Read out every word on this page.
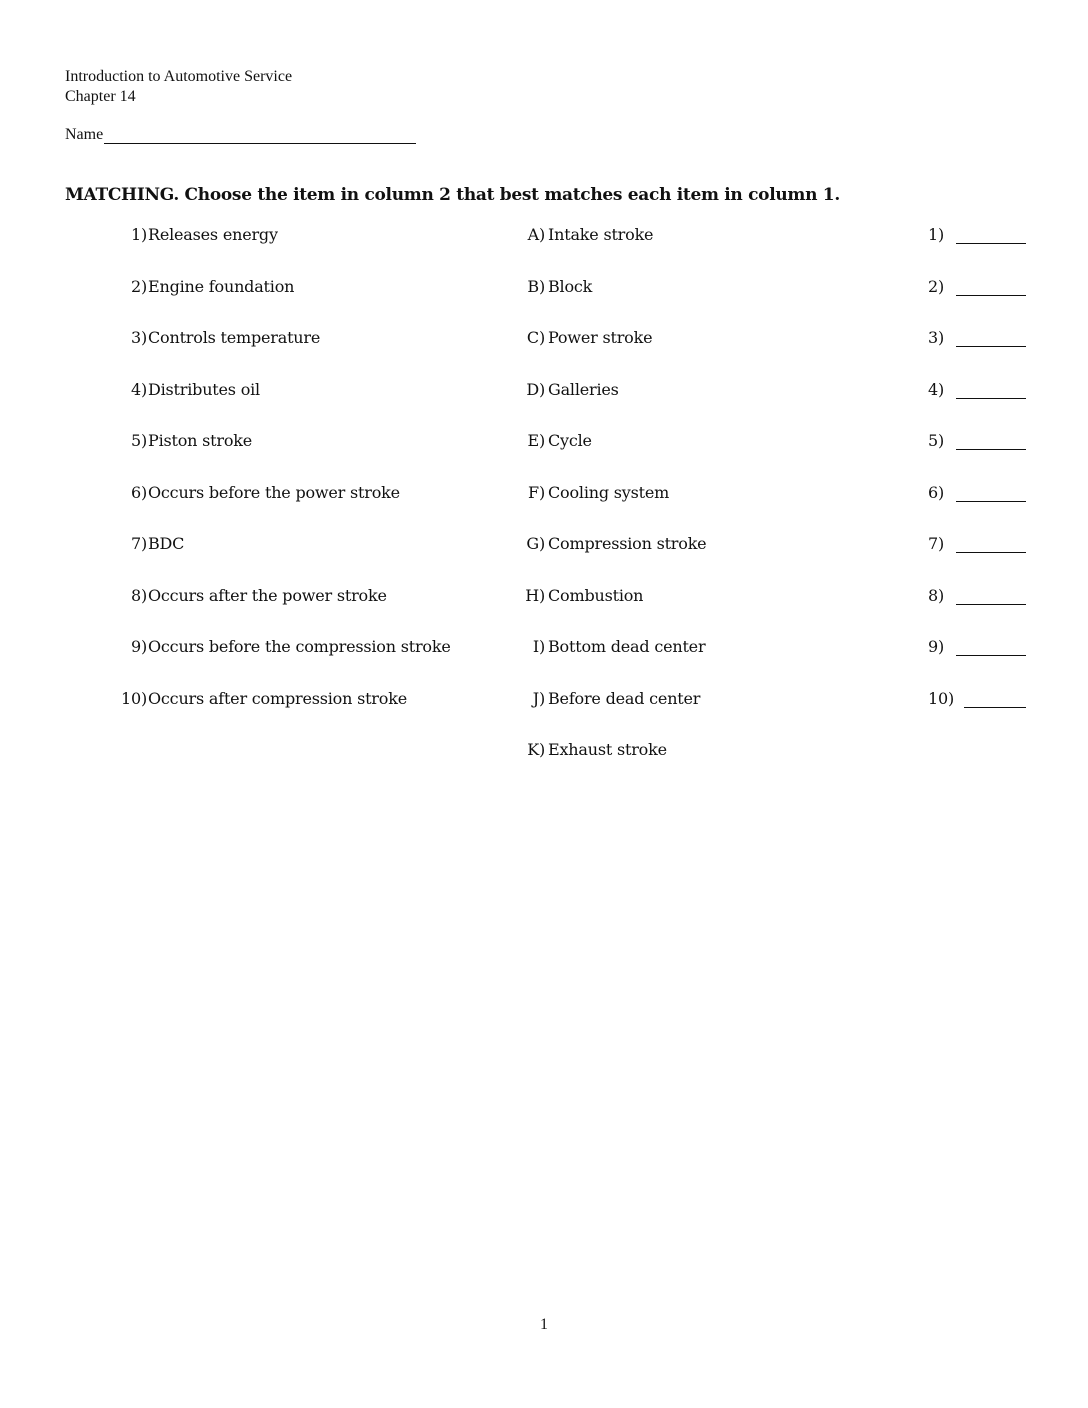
Introduction to Automotive Service
Chapter 14
Name
MATCHING. Choose the item in column 2 that best matches each item in column 1.
1) Releases energy
2) Engine foundation
3) Controls temperature
4) Distributes oil
5) Piston stroke
6) Occurs before the power stroke
7) BDC
8) Occurs after the power stroke
9) Occurs before the compression stroke
10) Occurs after compression stroke
A) Intake stroke
B) Block
C) Power stroke
D) Galleries
E) Cycle
F) Cooling system
G) Compression stroke
H) Combustion
I) Bottom dead center
J) Before dead center
K) Exhaust stroke
1)
2)
3)
4)
5)
6)
7)
8)
9)
10)
1
